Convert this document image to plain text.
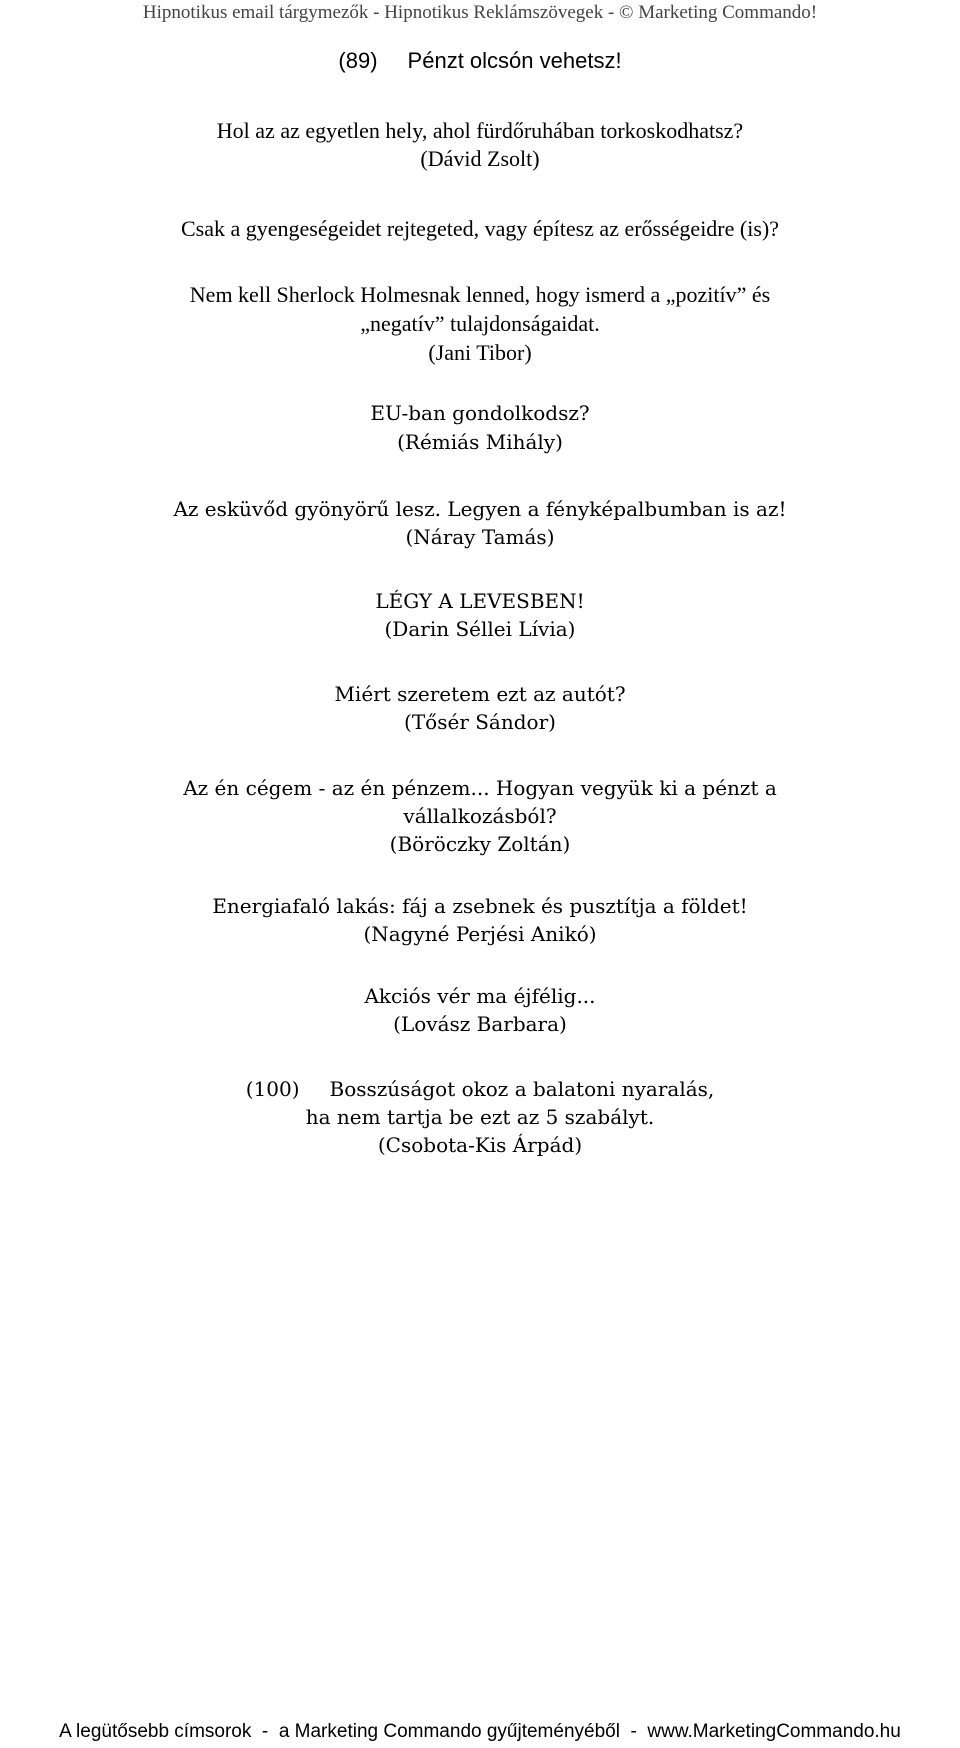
Hipnotikus email tárgymezők - Hipnotikus Reklámszövegek - © Marketing Commando!
(89) Pénzt olcsón vehetsz!
Hol az az egyetlen hely, ahol fürdőruhában torkoskodhatsz?
(Dávid Zsolt)
Csak a gyengeségeidet rejtegeted, vagy építesz az erősségeidre (is)?
Nem kell Sherlock Holmesnak lenned, hogy ismerd a „pozitív” és
„negatív” tulajdonságaidat.
(Jani Tibor)
EU-ban gondolkodsz?
(Rémiás Mihály)
Az esküvőd gyönyörű lesz. Legyen a fényképalbumban is az!
(Náray Tamás)
LÉGY A LEVESBEN!
(Darin Séllei Lívia)
Miért szeretem ezt az autót?
(Tősér Sándor)
Az én cégem - az én pénzem... Hogyan vegyük ki a pénzt a
vállalkozásból?
(Böröczky Zoltán)
Energiafaló lakás: fáj a zsebnek és pusztítja a földet!
(Nagyné Perjési Anikó)
Akciós vér ma éjfélig...
(Lovász Barbara)
(100) Bosszúságot okoz a balatoni nyaralás,
ha nem tartja be ezt az 5 szabályt.
(Csobota-Kis Árpád)
A legütősebb címsorok  -  a Marketing Commando gyűjteményéből  -  www.MarketingCommando.hu
